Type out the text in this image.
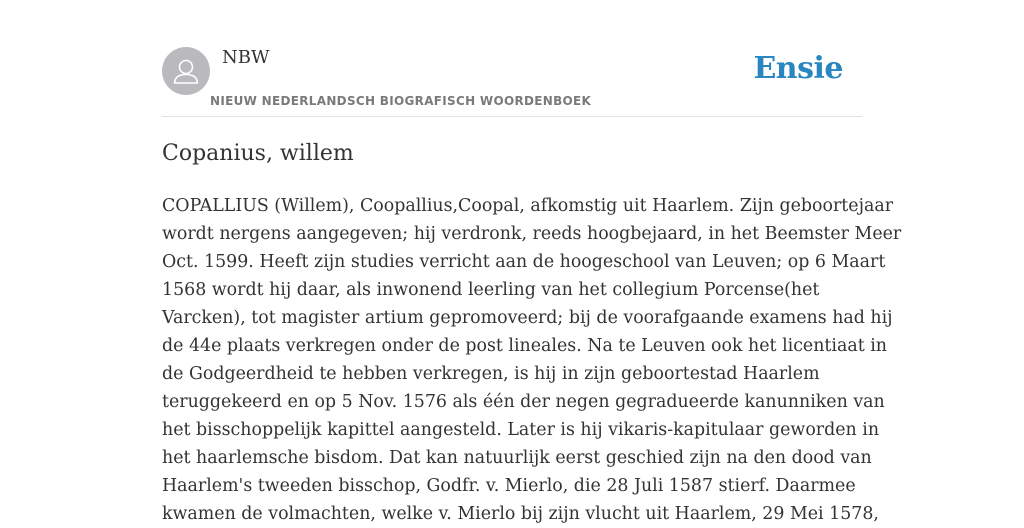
NBW
NIEUW NEDERLANDSCH BIOGRAFISCH WOORDENBOEK
Ensie
Copanius, willem

COPALLIUS (Willem), Coopallius,Coopal, afkomstig uit Haarlem. Zijn geboortejaar
wordt nergens aangegeven; hij verdronk, reeds hoogbejaard, in het Beemster Meer
Oct. 1599. Heeft zijn studies verricht aan de hoogeschool van Leuven; op 6 Maart
1568 wordt hij daar, als inwonend leerling van het collegium Porcense(het
Varcken), tot magister artium gepromoveerd; bij de voorafgaande examens had hij
de 44e plaats verkregen onder de post lineales. Na te Leuven ook het licentiaat in
de Godgeerdheid te hebben verkregen, is hij in zijn geboortestad Haarlem
teruggekeerd en op 5 Nov. 1576 als één der negen gegradueerde kanunniken van
het bisschoppelijk kapittel aangesteld. Later is hij vikaris-kapitulaar geworden in
het haarlemsche bisdom. Dat kan natuurlijk eerst geschied zijn na den dood van
Haarlem's tweeden bisschop, Godfr. v. Mierlo, die 28 Juli 1587 stierf. Daarmee
kwamen de volmachten, welke v. Mierlo bij zijn vlucht uit Haarlem, 29 Mei 1578,
